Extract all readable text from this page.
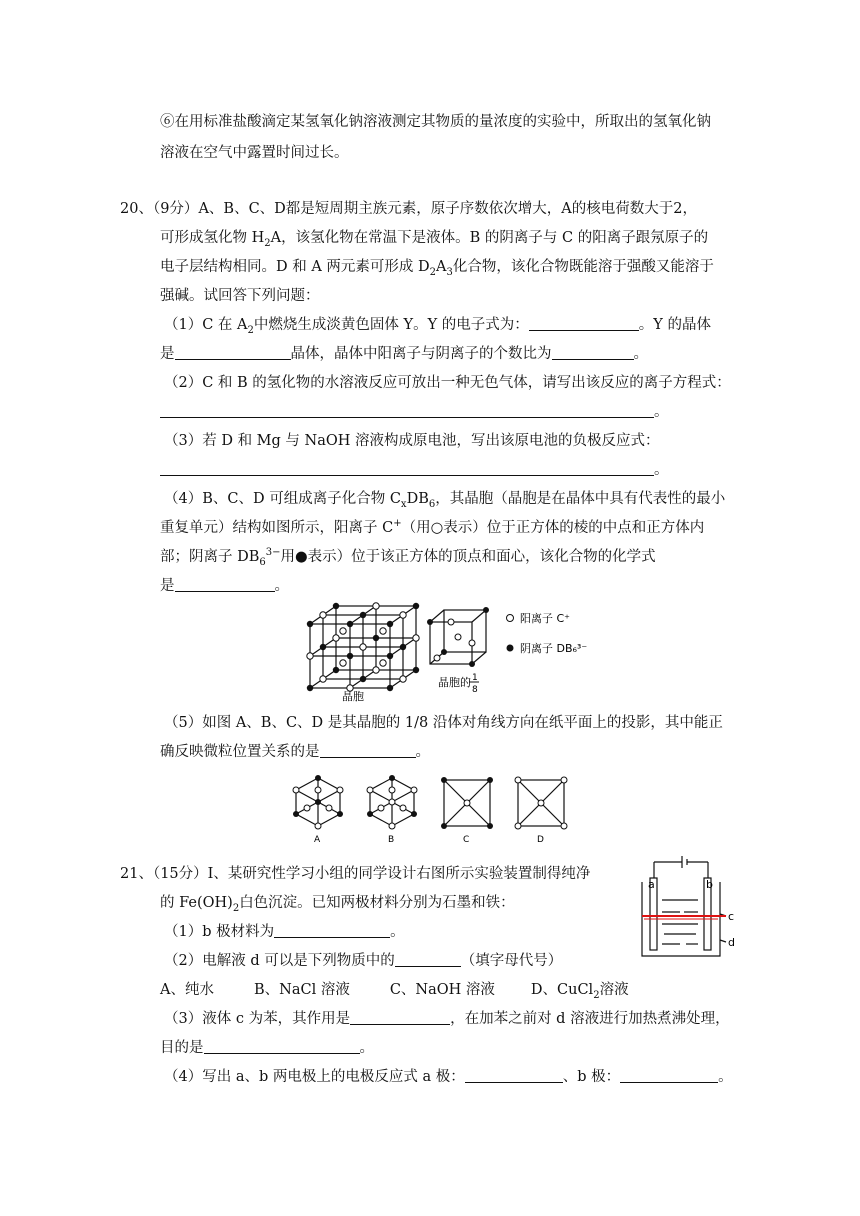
⑥在用标准盐酸滴定某氢氧化钠溶液测定其物质的量浓度的实验中，所取出的氢氧化钠
溶液在空气中露置时间过长。
20、（9分）A、B、C、D都是短周期主族元素，原子序数依次增大，A的核电荷数大于2，
可形成氢化物 $H_2A$，该氢化物在常温下是液体。B 的阴离子与 C 的阳离子跟氖原子的
电子层结构相同。D 和 A 两元素可形成 $D_2A_3$化合物，该化合物既能溶于强酸又能溶于
强碱。试回答下列问题：
（1）C 在 $A_2$中燃烧生成淡黄色固体 Y。Y 的电子式为：	。Y 的晶体
是	晶体，晶体中阳离子与阴离子的个数比为	。
（2）C 和 B 的氢化物的水溶液反应可放出一种无色气体，请写出该反应的离子方程式：
。
（3）若 D 和 Mg 与 NaOH 溶液构成原电池，写出该原电池的负极反应式：
。
（4）B、C、D 可组成离子化合物 $C_xDB_6$，其晶胞（晶胞是在晶体中具有代表性的最小
重复单元）结构如图所示，阳离子 C+（用○表示）位于正方体的棱的中点和正方体内
部；阴离子 $DB_6^{3-}$用●表示）位于该正方体的顶点和面心，该化合物的化学式
是	。
晶胞
晶胞的 1
8
阳离子 C⁺
阴离子 DB₆³⁻
（5）如图 A、B、C、D 是其晶胞的 1/8 沿体对角线方向在纸平面上的投影，其中能正
确反映微粒位置关系的是	。
A	B	C	D
21、（15分）Ⅰ、某研究性学习小组的同学设计右图所示实验装置制得纯净
的 $Fe(OH)_2$白色沉淀。已知两极材料分别为石墨和铁：
（1）b 极材料为	。
（2）电解液 d 可以是下列物质中的	（填字母代号）
A、纯水	B、NaCl 溶液	C、NaOH 溶液 D、CuCl$_2$溶液
（3）液体 c 为苯，其作用是	，在加苯之前对 d 溶液进行加热煮沸处理，
目的是	。
（4）写出 a、b 两电极上的电极反应式 a 极：	、b 极：	。
a	b
c
d
